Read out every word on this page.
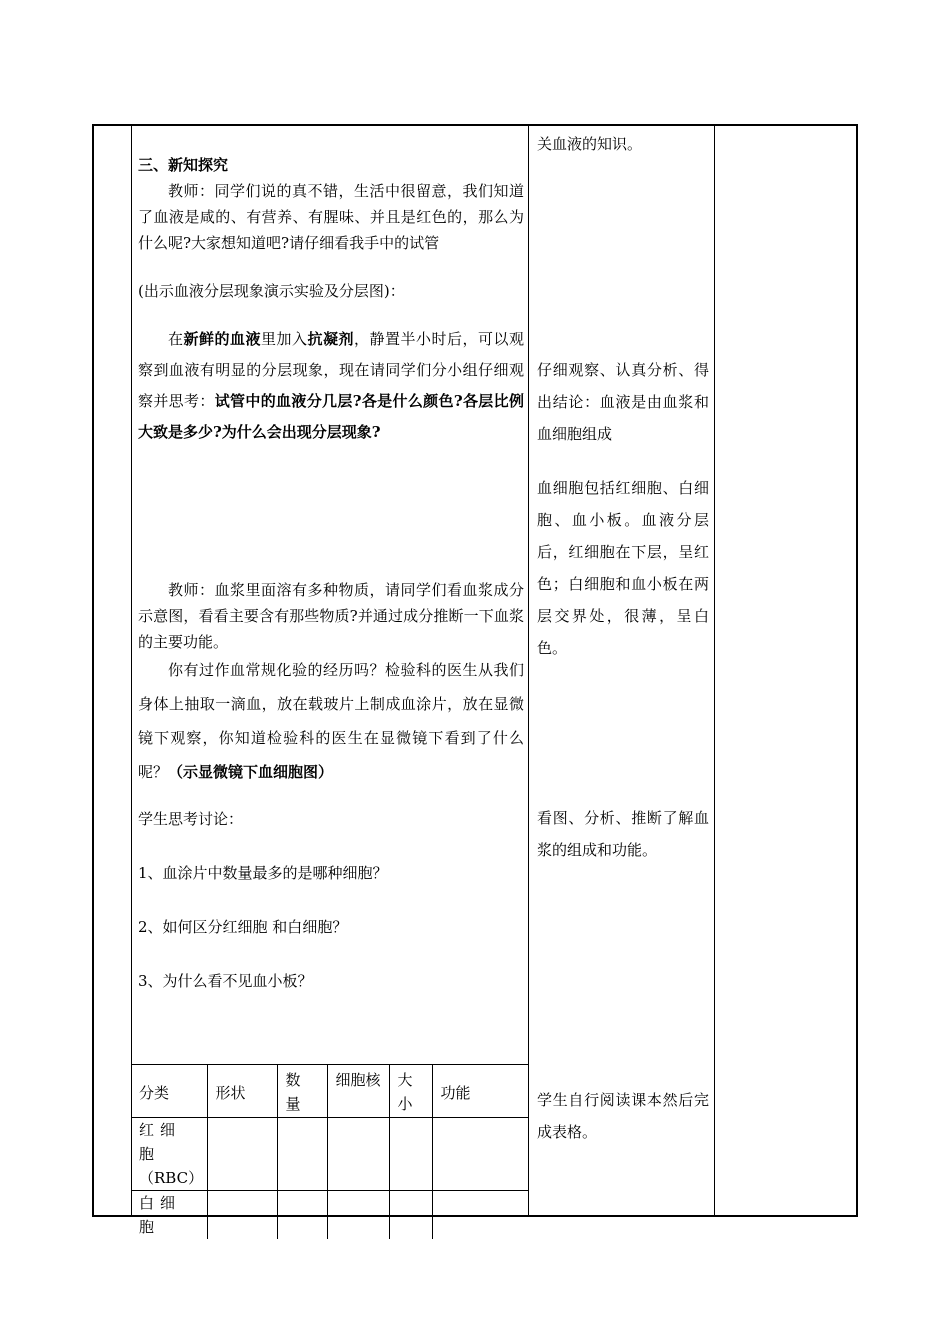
关血液的知识。
三、新知探究
教师：同学们说的真不错，生活中很留意，我们知道了血液是咸的、有营养、有腥味、并且是红色的，那么为什么呢?大家想知道吧?请仔细看我手中的试管
(出示血液分层现象演示实验及分层图)：
在新鲜的血液里加入抗凝剂，静置半小时后，可以观察到血液有明显的分层现象，现在请同学们分小组仔细观察并思考：试管中的血液分几层?各是什么颜色?各层比例大致是多少?为什么会出现分层现象?
教师：血浆里面溶有多种物质，请同学们看血浆成分示意图，看看主要含有那些物质?并通过成分推断一下血浆的主要功能。
你有过作血常规化验的经历吗？检验科的医生从我们身体上抽取一滴血，放在载玻片上制成血涂片，放在显微镜下观察，你知道检验科的医生在显微镜下看到了什么呢？（示显微镜下血细胞图）
学生思考讨论：
1、血涂片中数量最多的是哪种细胞？
2、如何区分红细胞 和白细胞？
3、为什么看不见血小板？
仔细观察、认真分析、得出结论：血液是由血浆和血细胞组成
血细胞包括红细胞、白细胞、血小板。血液分层后，红细胞在下层，呈红色；白细胞和血小板在两层交界处，很薄，呈白色。
看图、分析、推断了解血浆的组成和功能。
学生自行阅读课本然后完成表格。
分类	形状	数量	细胞核	大小	功能

红细胞
（RBC）					

白细胞					
